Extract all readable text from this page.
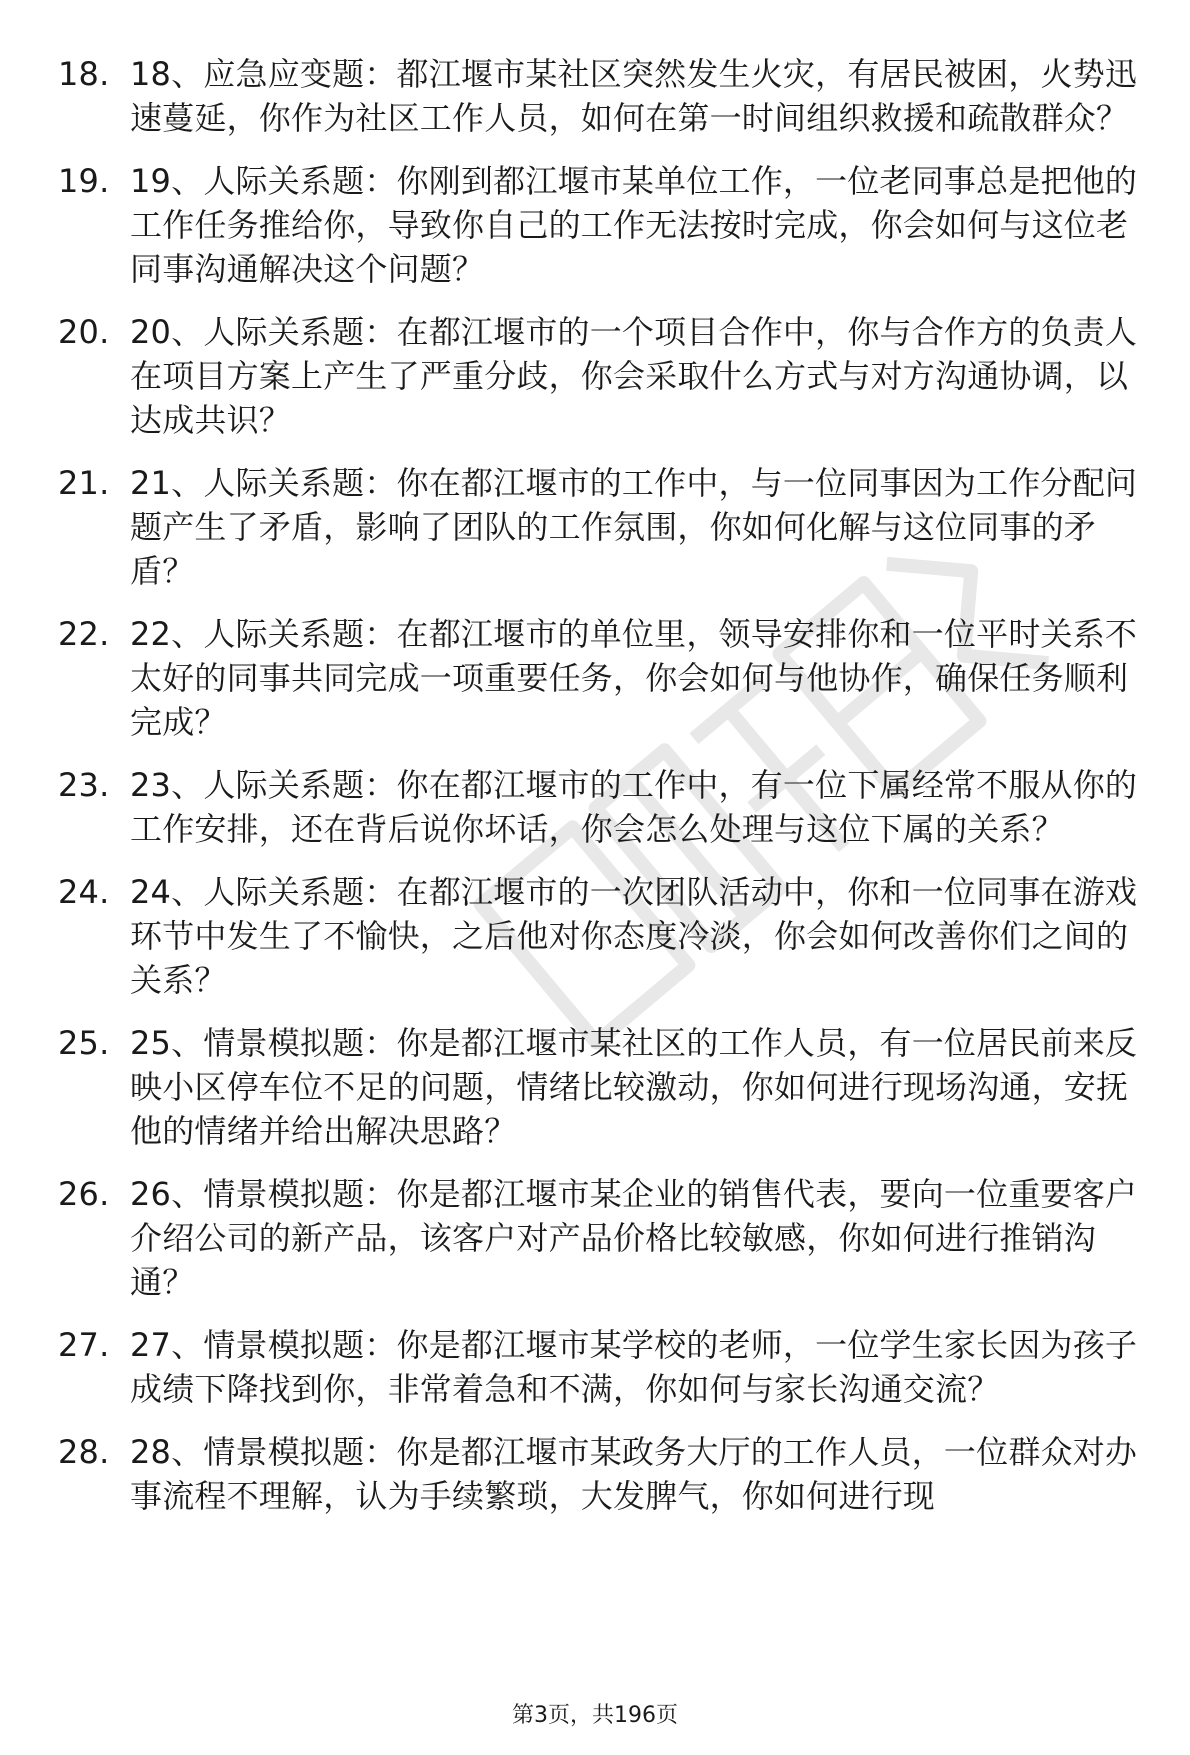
18. 18、应急应变题：都江堰市某社区突然发生火灾，有居民被困，火势迅速蔓延，你作为社区工作人员，如何在第一时间组织救援和疏散群众？
19. 19、人际关系题：你刚到都江堰市某单位工作，一位老同事总是把他的工作任务推给你，导致你自己的工作无法按时完成，你会如何与这位老同事沟通解决这个问题？
20. 20、人际关系题：在都江堰市的一个项目合作中，你与合作方的负责人在项目方案上产生了严重分歧，你会采取什么方式与对方沟通协调，以达成共识？
21. 21、人际关系题：你在都江堰市的工作中，与一位同事因为工作分配问题产生了矛盾，影响了团队的工作氛围，你如何化解与这位同事的矛盾？
22. 22、人际关系题：在都江堰市的单位里，领导安排你和一位平时关系不太好的同事共同完成一项重要任务，你会如何与他协作，确保任务顺利完成？
23. 23、人际关系题：你在都江堰市的工作中，有一位下属经常不服从你的工作安排，还在背后说你坏话，你会怎么处理与这位下属的关系？
24. 24、人际关系题：在都江堰市的一次团队活动中，你和一位同事在游戏环节中发生了不愉快，之后他对你态度冷淡，你会如何改善你们之间的关系？
25. 25、情景模拟题：你是都江堰市某社区的工作人员，有一位居民前来反映小区停车位不足的问题，情绪比较激动，你如何进行现场沟通，安抚他的情绪并给出解决思路？
26. 26、情景模拟题：你是都江堰市某企业的销售代表，要向一位重要客户介绍公司的新产品，该客户对产品价格比较敏感，你如何进行推销沟通？
27. 27、情景模拟题：你是都江堰市某学校的老师，一位学生家长因为孩子成绩下降找到你，非常着急和不满，你如何与家长沟通交流？
28. 28、情景模拟题：你是都江堰市某政务大厅的工作人员，一位群众对办事流程不理解，认为手续繁琐，大发脾气，你如何进行现
第3页，共196页
